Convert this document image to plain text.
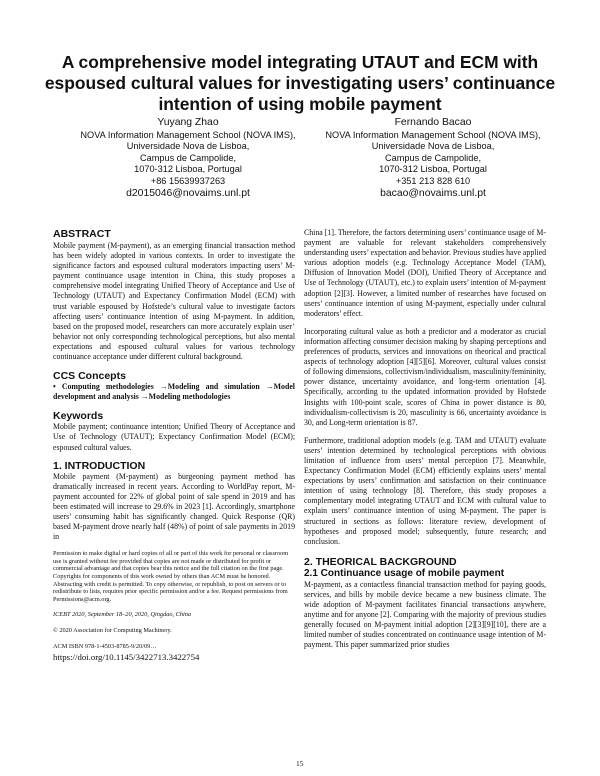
A comprehensive model integrating UTAUT and ECM with espoused cultural values for investigating users’ continuance intention of using mobile payment
Yuyang Zhao
NOVA Information Management School (NOVA IMS),
Universidade Nova de Lisboa,
Campus de Campolide,
1070-312 Lisboa, Portugal
+86 15639937263
d2015046@novaims.unl.pt
Fernando Bacao
NOVA Information Management School (NOVA IMS),
Universidade Nova de Lisboa,
Campus de Campolide,
1070-312 Lisboa, Portugal
+351 213 828 610
bacao@novaims.unl.pt
ABSTRACT

Mobile payment (M-payment), as an emerging financial transaction method has been widely adopted in various contexts. In order to investigate the significance factors and espoused cultural moderators impacting users’ M-payment continuance usage intention in China, this study proposes a comprehensive model integrating Unified Theory of Acceptance and Use of Technology (UTAUT) and Expectancy Confirmation Model (ECM) with trust variable espoused by Hofstede’s cultural value to investigate factors affecting users’ continuance intention of using M-payment. In addition, based on the proposed model, researchers can more accurately explain user’ behavior not only corresponding technological perceptions, but also mental expectations and espoused cultural values for various technology continuance acceptance under different cultural background.

CCS Concepts

• Computing methodologies →Modeling and simulation →Model development and analysis →Modeling methodologies

Keywords

Mobile payment; continuance intention; Unified Theory of Acceptance and Use of Technology (UTAUT); Expectancy Confirmation Model (ECM); espoused cultural values.

1. INTRODUCTION

Mobile payment (M-payment) as burgeoning payment method has dramatically increased in recent years. According to WorldPay report, M-payment accounted for 22% of global point of sale spend in 2019 and has been estimated will increase to 29.6% in 2023 [1]. Accordingly, smartphone users’ consuming habit has significantly changed. Quick Response (QR) based M-payment drove nearly half (48%) of point of sale payments in 2019 in

Permission to make digital or hard copies of all or part of this work for personal or classroom use is granted without fee provided that copies are not made or distributed for profit or commercial advantage and that copies bear this notice and the full citation on the first page. Copyrights for components of this work owned by others than ACM must be honored. Abstracting with credit is permitted. To copy otherwise, or republish, to post on servers or to redistribute to lists, requires prior specific permission and/or a fee. Request permissions from Permissions@acm.org.

ICEBT 2020, September 18–20, 2020, Qingdao, China

© 2020 Association for Computing Machinery.

ACM ISBN 978-1-4503-8785-9/20/09…

https://doi.org/10.1145/3422713.3422754

China [1]. Therefore, the factors determining users’ continuance usage of M-payment are valuable for relevant stakeholders comprehensively understanding users’ expectation and behavior. Previous studies have applied various adoption models (e.g. Technology Acceptance Model (TAM), Diffusion of Innovation Model (DOI), Unified Theory of Acceptance and Use of Technology (UTAUT), etc.) to explain users’ intention of M-payment adoption [2][3]. However, a limited number of researches have focused on users’ continuance intention of using M-payment, especially under cultural moderators’ effect.

Incorporating cultural value as both a predictor and a moderator as crucial information affecting consumer decision making by shaping perceptions and preferences of products, services and innovations on theorical and practical aspects of technology adoption [4][5][6]. Moreover, cultural values consist of following dimensions, collectivism/individualism, masculinity/femininity, power distance, uncertainty avoidance, and long-term orientation [4]. Specifically, according to the updated information provided by Hofstede Insights with 100-point scale, scores of China in power distance is 80, individualism-collectivism is 20, masculinity is 66, uncertainty avoidance is 30, and Long-term orientation is 87.

Furthermore, traditional adoption models (e.g. TAM and UTAUT) evaluate users’ intention determined by technological perceptions with obvious limitation of influence from users’ mental perception [7]. Meanwhile, Expectancy Confirmation Model (ECM) efficiently explains users’ mental expectations by users’ confirmation and satisfaction on their continuance intention of using technology [8]. Therefore, this study proposes a complementary model integrating UTAUT and ECM with cultural value to explain users’ continuance intention of using M-payment. The paper is structured in sections as follows: literature review, development of hypotheses and proposed model; subsequently, future research; and conclusion.

2. THEORICAL BACKGROUND
2.1 Continuance usage of mobile payment

M-payment, as a contactless financial transaction method for paying goods, services, and bills by mobile device became a new business climate. The wide adoption of M-payment facilitates financial transactions anywhere, anytime and for anyone [2]. Comparing with the majority of previous studies generally focused on M-payment initial adoption [2][3][9][10], there are a limited number of studies concentrated on continuance usage intention of M-payment. This paper summarized prior studies

15
